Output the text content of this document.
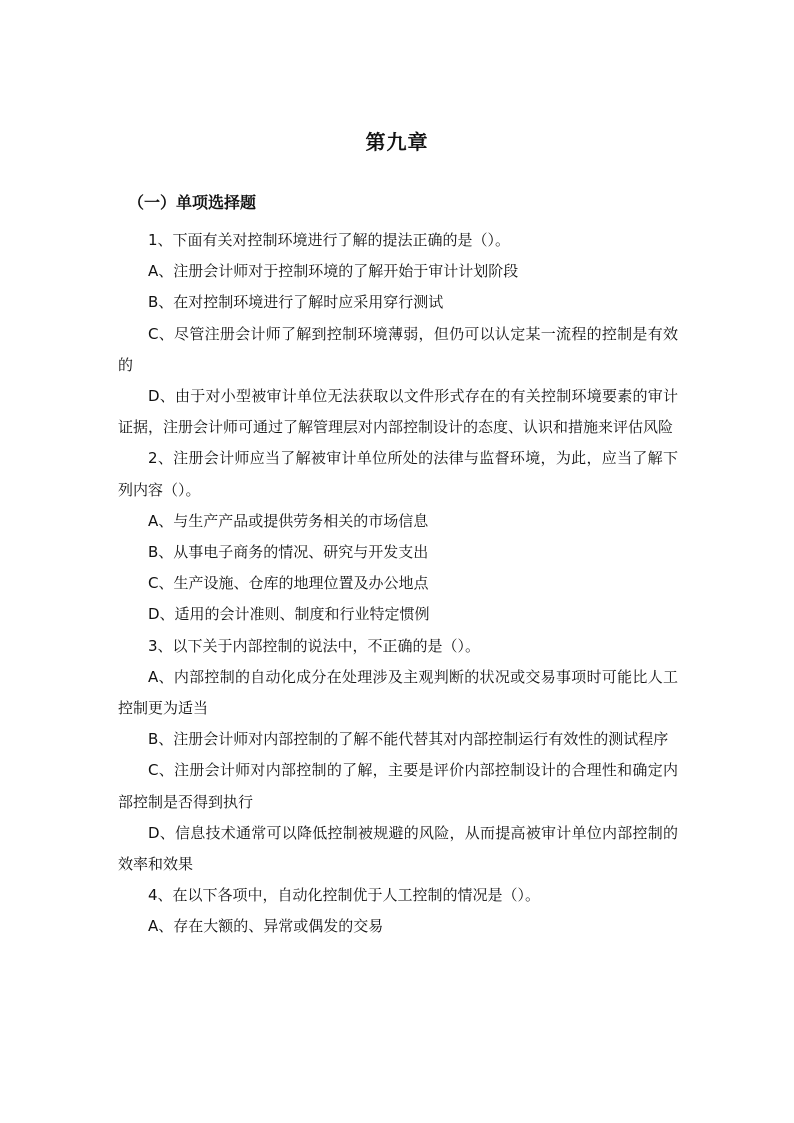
第九章
（一）单项选择题

1、下面有关对控制环境进行了解的提法正确的是（）。

A、注册会计师对于控制环境的了解开始于审计计划阶段

B、在对控制环境进行了解时应采用穿行测试

C、尽管注册会计师了解到控制环境薄弱，但仍可以认定某一流程的控制是有效的

D、由于对小型被审计单位无法获取以文件形式存在的有关控制环境要素的审计证据，注册会计师可通过了解管理层对内部控制设计的态度、认识和措施来评估风险

2、注册会计师应当了解被审计单位所处的法律与监督环境，为此，应当了解下列内容（）。

A、与生产产品或提供劳务相关的市场信息

B、从事电子商务的情况、研究与开发支出

C、生产设施、仓库的地理位置及办公地点

D、适用的会计准则、制度和行业特定惯例

3、以下关于内部控制的说法中，不正确的是（）。

A、内部控制的自动化成分在处理涉及主观判断的状况或交易事项时可能比人工控制更为适当

B、注册会计师对内部控制的了解不能代替其对内部控制运行有效性的测试程序

C、注册会计师对内部控制的了解，主要是评价内部控制设计的合理性和确定内部控制是否得到执行

D、信息技术通常可以降低控制被规避的风险，从而提高被审计单位内部控制的效率和效果

4、在以下各项中，自动化控制优于人工控制的情况是（）。

A、存在大额的、异常或偶发的交易
